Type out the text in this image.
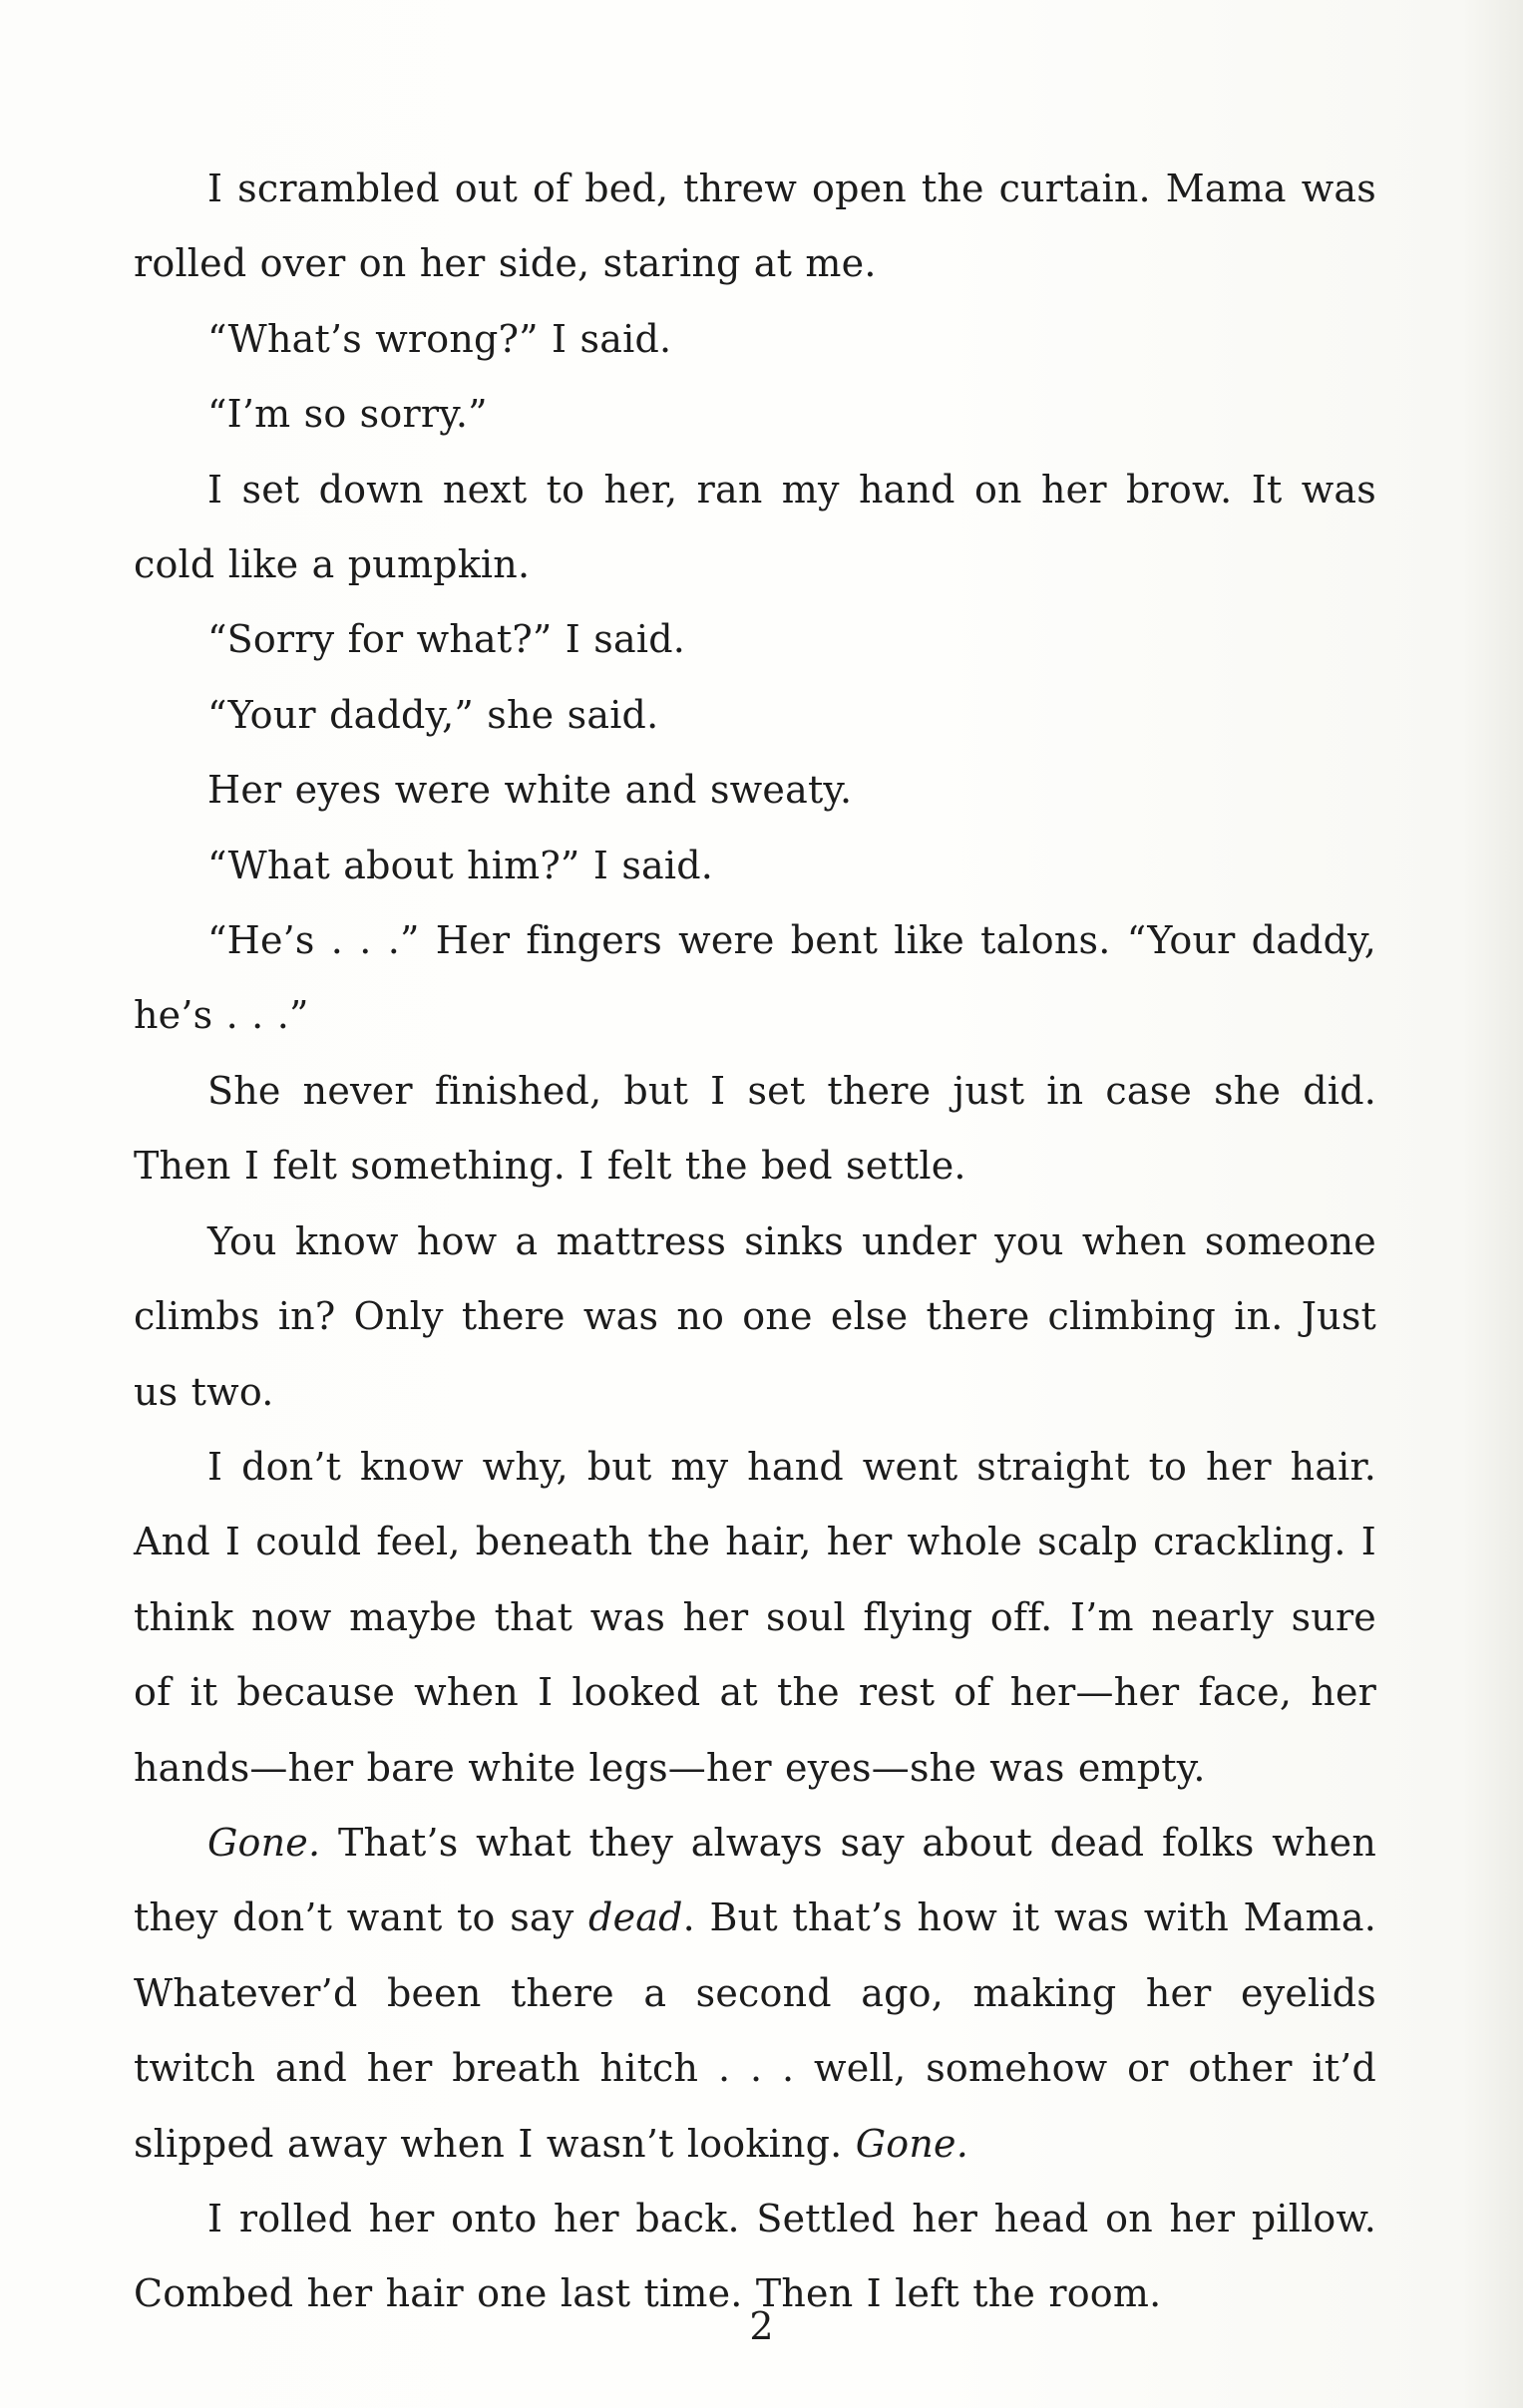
I scrambled out of bed, threw open the curtain. Mama was rolled over on her side, staring at me.

“What’s wrong?” I said.

“I’m so sorry.”

I set down next to her, ran my hand on her brow. It was cold like a pumpkin.

“Sorry for what?” I said.

“Your daddy,” she said.

Her eyes were white and sweaty.

“What about him?” I said.

“He’s . . .” Her fingers were bent like talons. “Your daddy, he’s . . .”

She never finished, but I set there just in case she did. Then I felt something. I felt the bed settle.

You know how a mattress sinks under you when someone climbs in? Only there was no one else there climbing in. Just us two.

I don’t know why, but my hand went straight to her hair. And I could feel, beneath the hair, her whole scalp crackling. I think now maybe that was her soul flying off. I’m nearly sure of it because when I looked at the rest of her—her face, her hands—her bare white legs—her eyes—she was empty.

Gone. That’s what they always say about dead folks when they don’t want to say dead. But that’s how it was with Mama. Whatever’d been there a second ago, making her eyelids twitch and her breath hitch . . . well, somehow or other it’d slipped away when I wasn’t looking. Gone.

I rolled her onto her back. Settled her head on her pillow. Combed her hair one last time. Then I left the room.

2
